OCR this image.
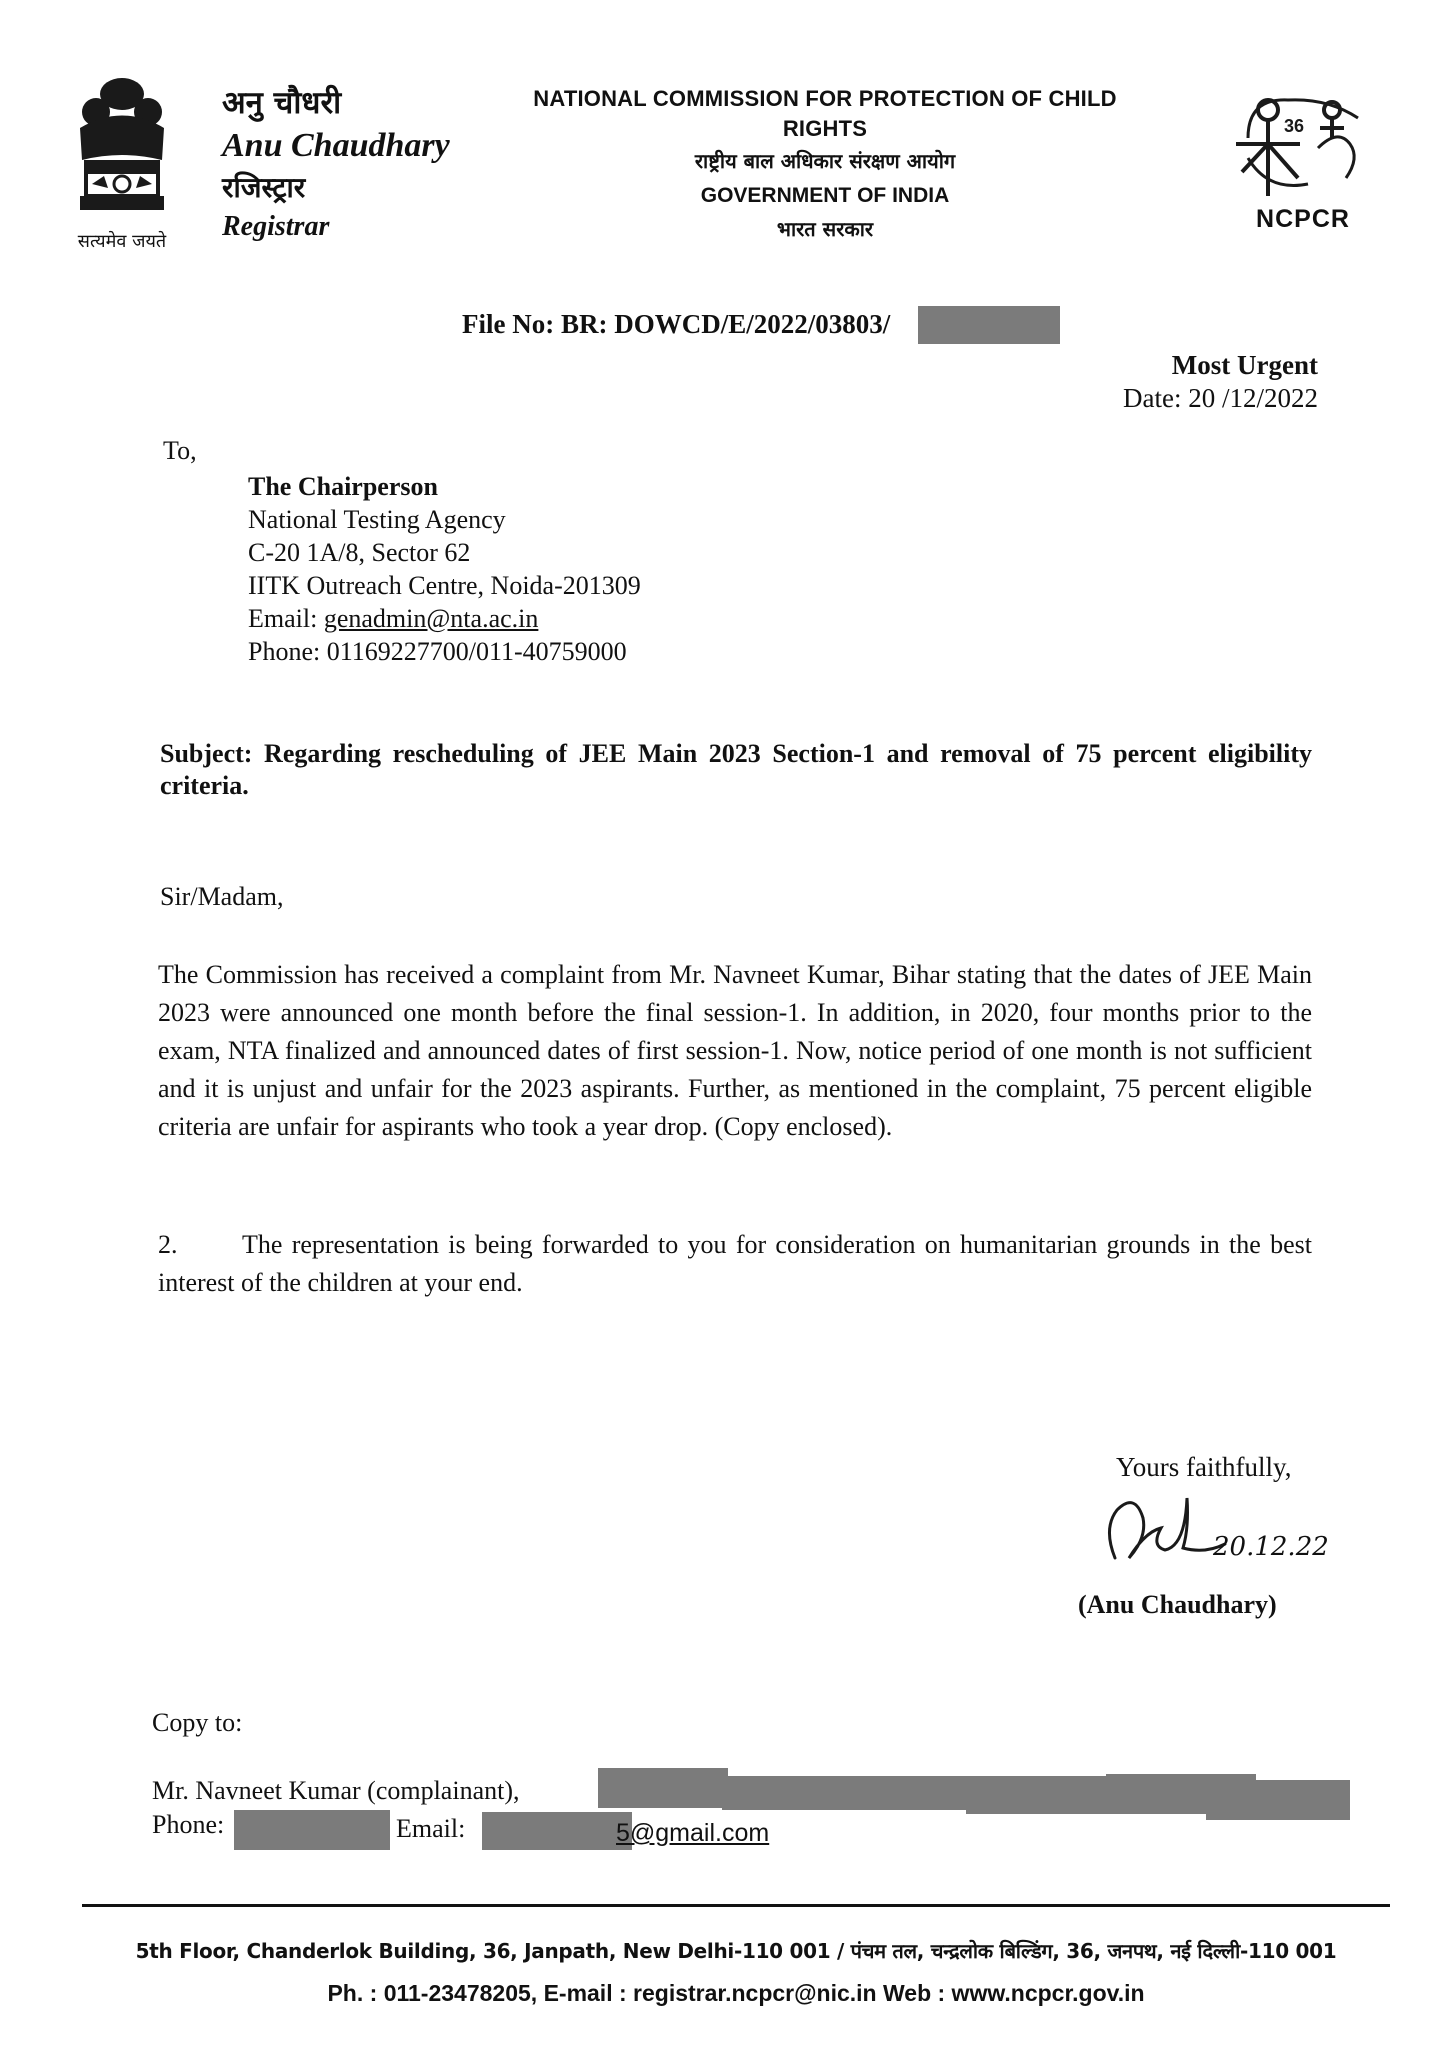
सत्यमेव जयते
अनु चौधरी
Anu Chaudhary
रजिस्ट्रार
Registrar
NATIONAL COMMISSION FOR PROTECTION OF CHILD RIGHTS
राष्ट्रीय बाल अधिकार संरक्षण आयोग
GOVERNMENT OF INDIA
भारत सरकार
36
NCPCR
File No: BR: DOWCD/E/2022/03803/
Most Urgent
Date: 20 /12/2022
To,
The Chairperson
National Testing Agency
C-20 1A/8, Sector 62
IITK Outreach Centre, Noida-201309
Email: genadmin@nta.ac.in
Phone: 01169227700/011-40759000
Subject: Regarding rescheduling of JEE Main 2023 Section-1 and removal of 75 percent eligibility criteria.
Sir/Madam,
The Commission has received a complaint from Mr. Navneet Kumar, Bihar stating that the dates of JEE Main 2023 were announced one month before the final session-1. In addition, in 2020, four months prior to the exam, NTA finalized and announced dates of first session-1. Now, notice period of one month is not sufficient and it is unjust and unfair for the 2023 aspirants. Further, as mentioned in the complaint, 75 percent eligible criteria are unfair for aspirants who took a year drop. (Copy enclosed).
2.	The representation is being forwarded to you for consideration on humanitarian grounds in the best interest of the children at your end.
Yours faithfully,
20.12.22
(Anu Chaudhary)
Copy to:
Mr. Navneet Kumar (complainant),
Phone:	Email:	5@gmail.com
5th Floor, Chanderlok Building, 36, Janpath, New Delhi-110 001 / पंचम तल, चन्द्रलोक बिल्डिंग, 36, जनपथ, नई दिल्ली-110 001
Ph. : 011-23478205, E-mail : registrar.ncpcr@nic.in Web : www.ncpcr.gov.in
